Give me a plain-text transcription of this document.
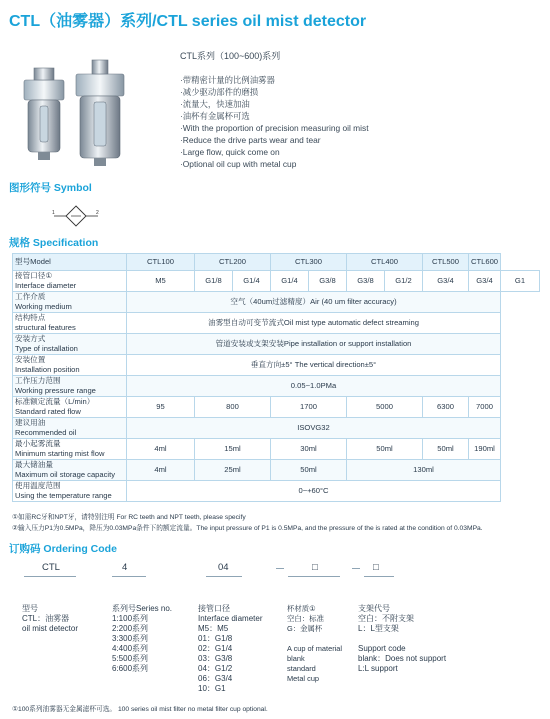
CTL（油雾器）系列/CTL series oil mist detector
CTL系列（100~600)系列
·带精密计量的比例油雾器
·减少驱动部件的磨损
·流量大，快速加油
·油杯有金属杯可选
·With the proportion of precision measuring oil mist
·Reduce the drive parts wear and tear
·Large flow, quick come on
·Optional oil cup with metal cup
图形符号 Symbol
1	2
规格 Specification
型号Model	CTL100	CTL200		CTL300		CTL400		CTL500	CTL600	
接管口径①
Interface diameter	M5	G1/8	G1/4	G1/4	G3/8	G3/8	G1/2	G3/4	G3/4	G1
工作介质
Working medium	空气（40um过滤精度）Air (40 um filter accuracy)									
结构特点
structural features	油雾型自动可变节流式Oil mist type automatic defect streaming									
安装方式
Type of installation	管道安装或支架安装Pipe installation or support installation									
安装位置
Installation position	垂直方向±5° The vertical direction±5°									
工作压力范围
Working pressure range	0.05~1.0PMa									
标准额定流量（L/min）
Standard rated flow	95	800		1700		5000		6300	7000	
建议用油
Recommended oil	ISOVG32									
最小起雾流量
Minimum starting mist flow	4ml	15ml		30ml		50ml		50ml	190ml	
最大储油量
Maximum oil storage capacity	4ml	25ml		50ml		130ml				
使用温度范围
Using the temperature range	0~+60°C									
①如需RC牙和NPT牙，请特别注明 For RC teeth and NPT teeth, please specify
②输入压力P1为0.5MPa，降压为0.03MPa条件下的额定流量。The input pressure of P1 is 0.5MPa, and the pressure of the is rated at the condition of 0.03MPa.
订购码 Ordering Code
CTL	4	04	□	□
型号
CTL：油雾器
oil mist detector
系列号Series no.
1:100系列
2:200系列
3:300系列
4:400系列
5:500系列
6:600系列
接管口径
Interface diameter
M5：M5
01：G1/8
02：G1/4
03：G3/8
04：G1/2
06：G3/4
10：G1
杯材质①
空白：标准
G：金属杯

A cup of material
blank
standard
Metal cup
支架代号
空白：不附支架
L：L型支架

Support code
blank：Does not support
L:L support
①100系列油雾器无金属滤杯可选。 100 series oil mist filter no metal filter cup optional.
